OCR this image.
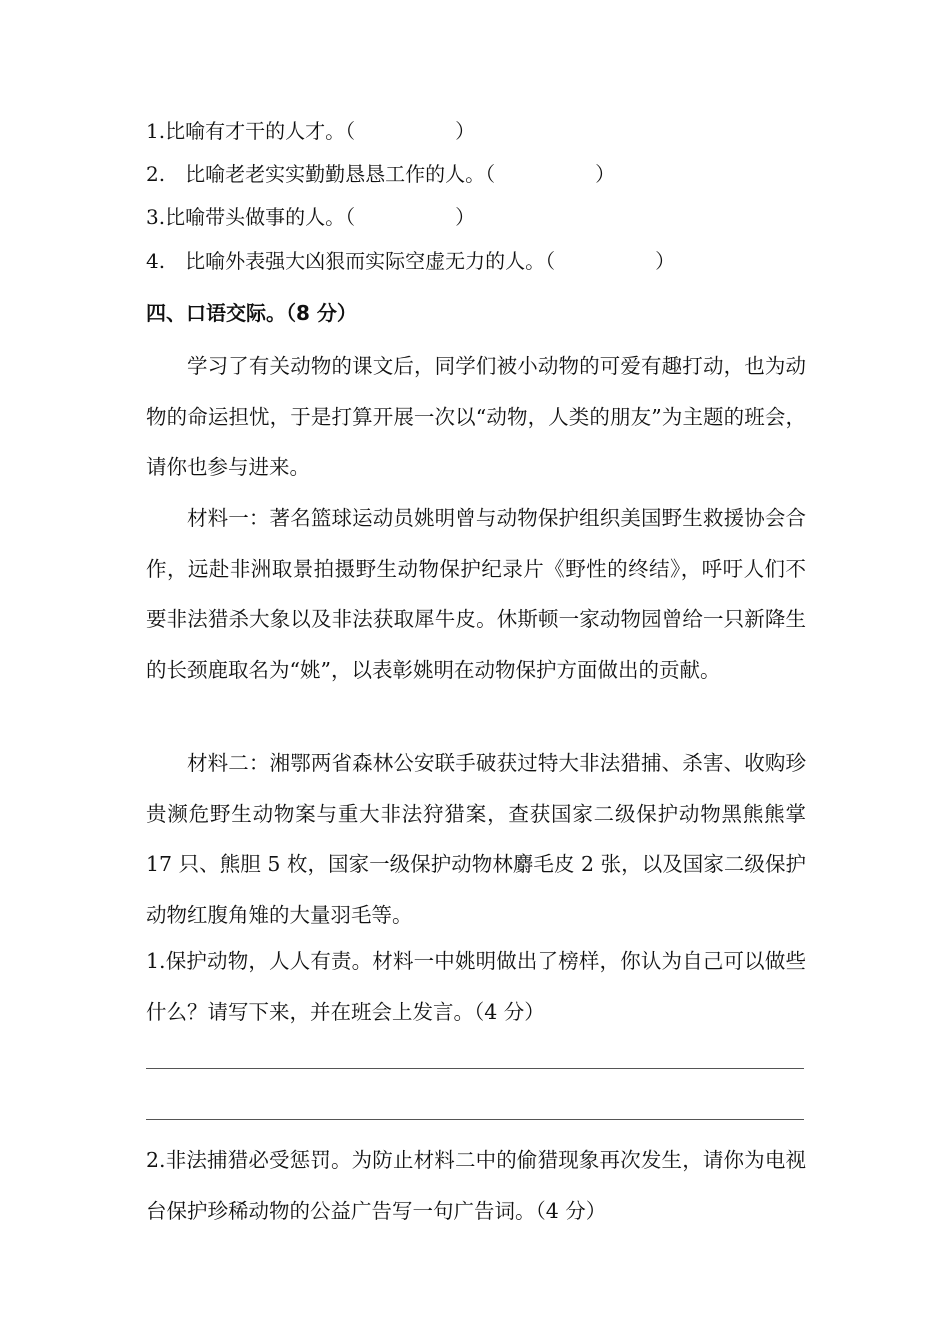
1.比喻有才干的人才。（　　　　　）
2.　比喻老老实实勤勤恳恳工作的人。（　　　　　）
3.比喻带头做事的人。（　　　　　）
4.　比喻外表强大凶狠而实际空虚无力的人。（　　　　　）
四、口语交际。（8 分）
学习了有关动物的课文后，同学们被小动物的可爱有趣打动，也为动物的命运担忧，于是打算开展一次以“动物，人类的朋友”为主题的班会，请你也参与进来。
材料一：著名篮球运动员姚明曾与动物保护组织美国野生救援协会合作，远赴非洲取景拍摄野生动物保护纪录片《野性的终结》，呼吁人们不要非法猎杀大象以及非法获取犀牛皮。休斯顿一家动物园曾给一只新降生的长颈鹿取名为“姚”，以表彰姚明在动物保护方面做出的贡献。
材料二：湘鄂两省森林公安联手破获过特大非法猎捕、杀害、收购珍贵濒危野生动物案与重大非法狩猎案，查获国家二级保护动物黑熊熊掌 17 只、熊胆 5 枚，国家一级保护动物林麝毛皮 2 张，以及国家二级保护动物红腹角雉的大量羽毛等。
1.保护动物，人人有责。材料一中姚明做出了榜样，你认为自己可以做些什么？请写下来，并在班会上发言。（4 分）
2.非法捕猎必受惩罚。为防止材料二中的偷猎现象再次发生，请你为电视台保护珍稀动物的公益广告写一句广告词。（4 分）
